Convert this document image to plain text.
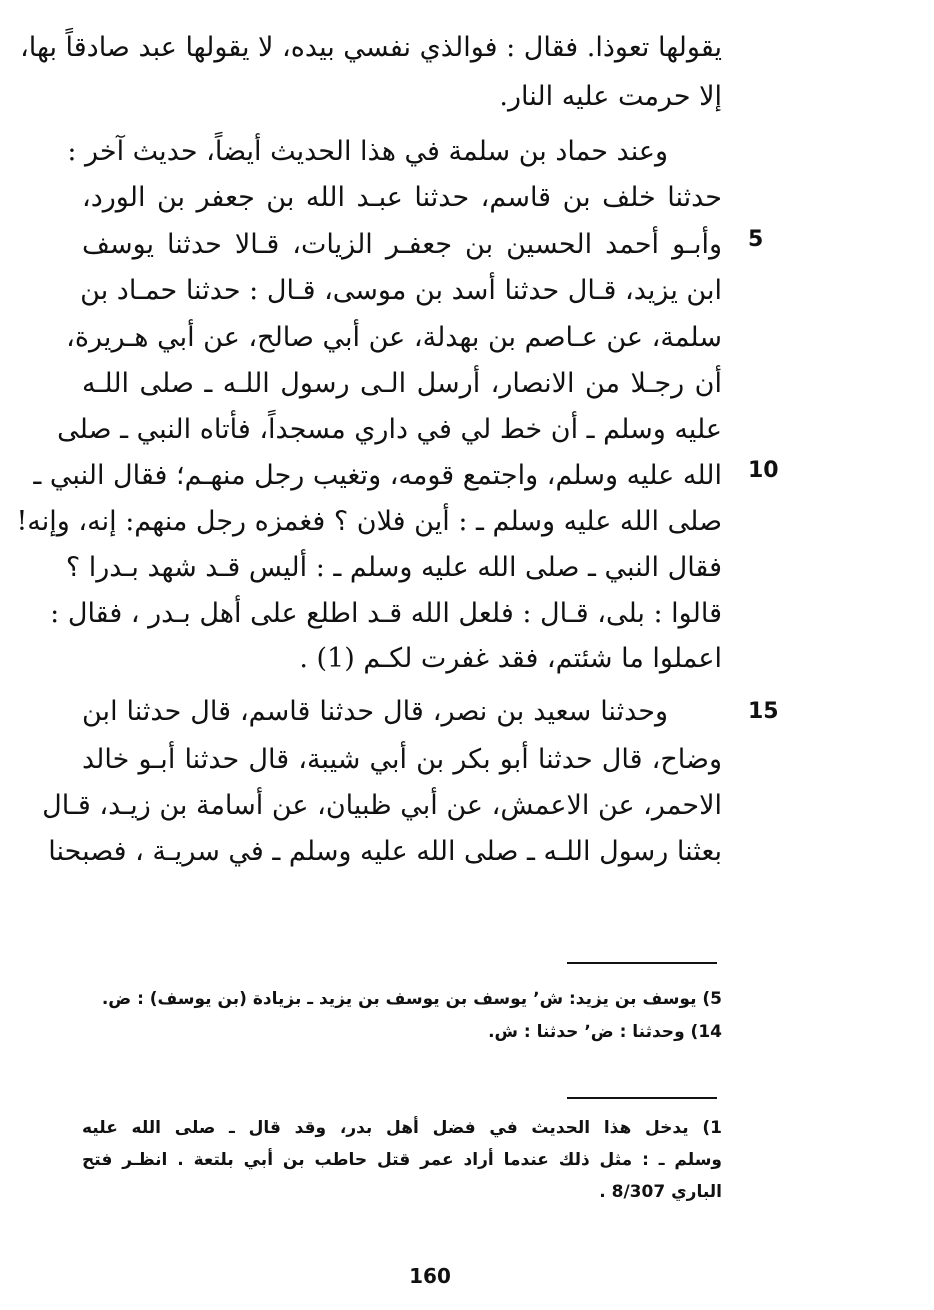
يقولها تعوذا. فقال : فوالذي نفسي بيده، لا يقولها عبد صادقاً بها،
إلا حرمت عليه النار.
وعند حماد بن سلمة في هذا الحديث أيضاً، حديث آخر :
حدثنا خلف بن قاسم، حدثنا عبـد الله بن جعفر بن الورد،
وأبـو أحمد الحسين بن جعفـر الزيات، قـالا حدثنا يوسف
ابن يزيد، قـال حدثنا أسد بن موسى، قـال : حدثنا حمـاد بن
سلمة، عن عـاصم بن بهدلة، عن أبي صالح، عن أبي هـريرة،
أن رجـلا من الانصار، أرسل الـى رسول اللـه ـ صلى اللـه
عليه وسلم ـ أن خط لي في داري مسجداً، فأتاه النبي ـ صلى
الله عليه وسلم، واجتمع قومه، وتغيب رجل منهـم؛ فقال النبي ـ
صلى الله عليه وسلم ـ : أين فلان ؟ فغمزه رجل منهم: إنه، وإنه!
فقال النبي ـ صلى الله عليه وسلم ـ : أليس قـد شهد بـدرا ؟
قالوا : بلى، قـال : فلعل الله قـد اطلع على أهل بـدر ، فقال :
اعملوا ما شئتم، فقد غفرت لكـم (1) .
وحدثنا سعيد بن نصر، قال حدثنا قاسم، قال حدثنا ابن
وضاح، قال حدثنا أبو بكر بن أبي شيبة، قال حدثنا أبـو خالد
الاحمر، عن الاعمش، عن أبي ظبيان، عن أسامة بن زيـد، قـال
بعثنا رسول اللـه ـ صلى الله عليه وسلم ـ في سريـة ، فصبحنا
5
10
15
5) يوسف بن يزيد: ش٬ يوسف بن يوسف بن يزيد ـ بزيادة (بن يوسف) : ض.
14) وحدثنا : ض٬ حدثنا : ش.
1) يدخل هذا الحديث في فضل أهل بدر، وقد قال ـ صلى الله عليه
وسلم ـ : مثل ذلك عندما أراد عمر قتل حاطب بن أبي بلتعة . انظـر فتح
الباري 8/307 .
160
